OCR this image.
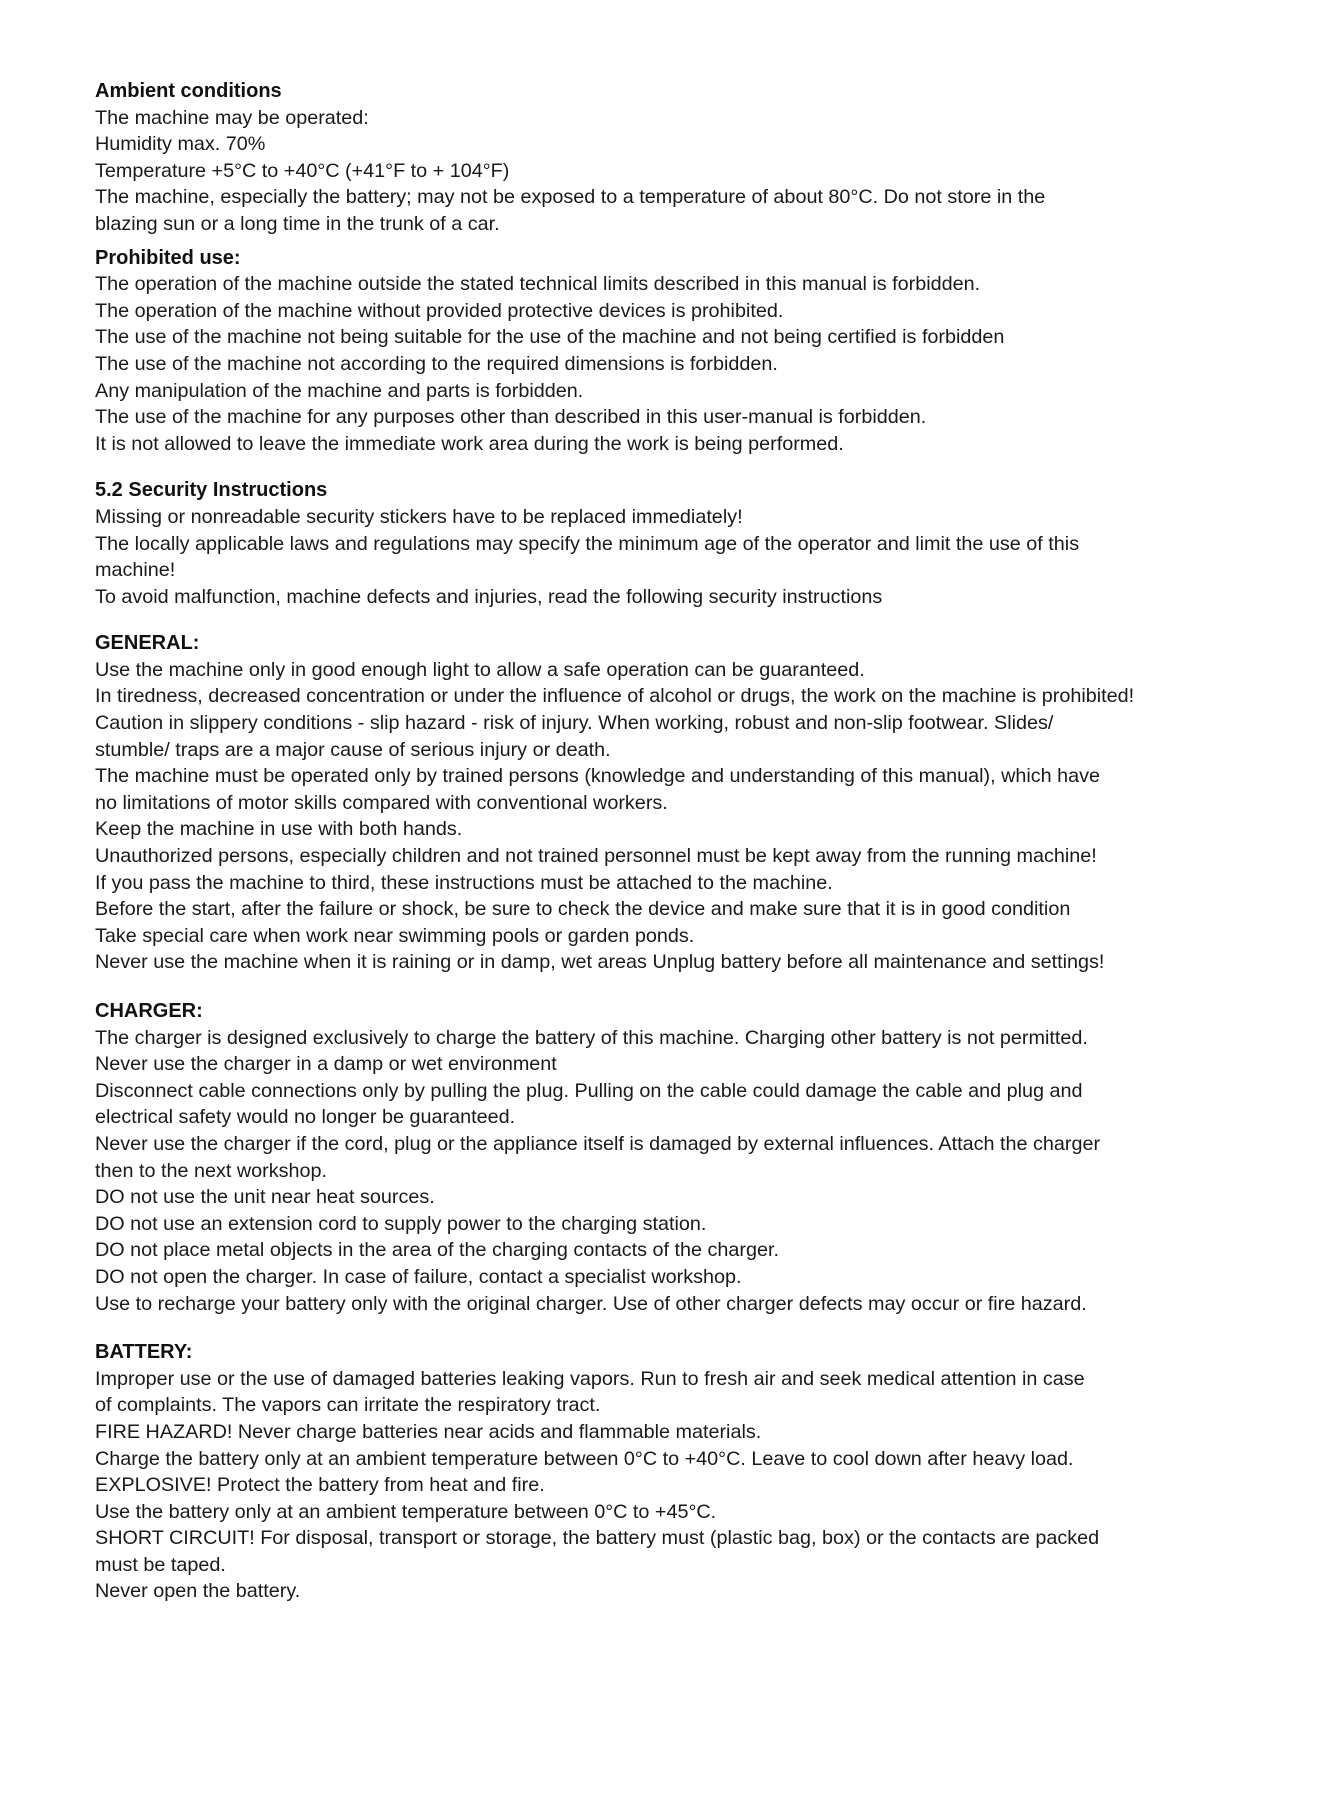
Ambient conditions

The machine may be operated:

Humidity max. 70%

Temperature +5°C to +40°C (+41°F to + 104°F)

The machine, especially the battery; may not be exposed to a temperature of about 80°C. Do not store in the

blazing sun or a long time in the trunk of a car.

Prohibited use:

The operation of the machine outside the stated technical limits described in this manual is forbidden.

The operation of the machine without provided protective devices is prohibited.

The use of the machine not being suitable for the use of the machine and not being certified is forbidden

The use of the machine not according to the required dimensions is forbidden.

Any manipulation of the machine and parts is forbidden.

The use of the machine for any purposes other than described in this user-manual is forbidden.

It is not allowed to leave the immediate work area during the work is being performed.

5.2 Security Instructions

Missing or nonreadable security stickers have to be replaced immediately!

The locally applicable laws and regulations may specify the minimum age of the operator and limit the use of this

machine!

To avoid malfunction, machine defects and injuries, read the following security instructions

GENERAL:

Use the machine only in good enough light to allow a safe operation can be guaranteed.

In tiredness, decreased concentration or under the influence of alcohol or drugs, the work on the machine is prohibited!

Caution in slippery conditions - slip hazard - risk of injury. When working, robust and non-slip footwear. Slides/

stumble/ traps are a major cause of serious injury or death.

The machine must be operated only by trained persons (knowledge and understanding of this manual), which have

no limitations of motor skills compared with conventional workers.

Keep the machine in use with both hands.

Unauthorized persons, especially children and not trained personnel must be kept away from the running machine!

If you pass the machine to third, these instructions must be attached to the machine.

Before the start, after the failure or shock, be sure to check the device and make sure that it is in good condition

Take special care when work near swimming pools or garden ponds.

Never use the machine when it is raining or in damp, wet areas Unplug battery before all maintenance and settings!

CHARGER:

The charger is designed exclusively to charge the battery of this machine. Charging other battery is not permitted.

Never use the charger in a damp or wet environment

Disconnect cable connections only by pulling the plug. Pulling on the cable could damage the cable and plug and

electrical safety would no longer be guaranteed.

Never use the charger if the cord, plug or the appliance itself is damaged by external influences. Attach the charger

then to the next workshop.

DO not use the unit near heat sources.

DO not use an extension cord to supply power to the charging station.

DO not place metal objects in the area of the charging contacts of the charger.

DO not open the charger. In case of failure, contact a specialist workshop.

Use to recharge your battery only with the original charger. Use of other charger defects may occur or fire hazard.

BATTERY:

Improper use or the use of damaged batteries leaking vapors. Run to fresh air and seek medical attention in case

of complaints. The vapors can irritate the respiratory tract.

FIRE HAZARD! Never charge batteries near acids and flammable materials.

Charge the battery only at an ambient temperature between 0°C to +40°C. Leave to cool down after heavy load.

EXPLOSIVE! Protect the battery from heat and fire.

Use the battery only at an ambient temperature between 0°C to +45°C.

SHORT CIRCUIT! For disposal, transport or storage, the battery must (plastic bag, box) or the contacts are packed

must be taped.

Never open the battery.
